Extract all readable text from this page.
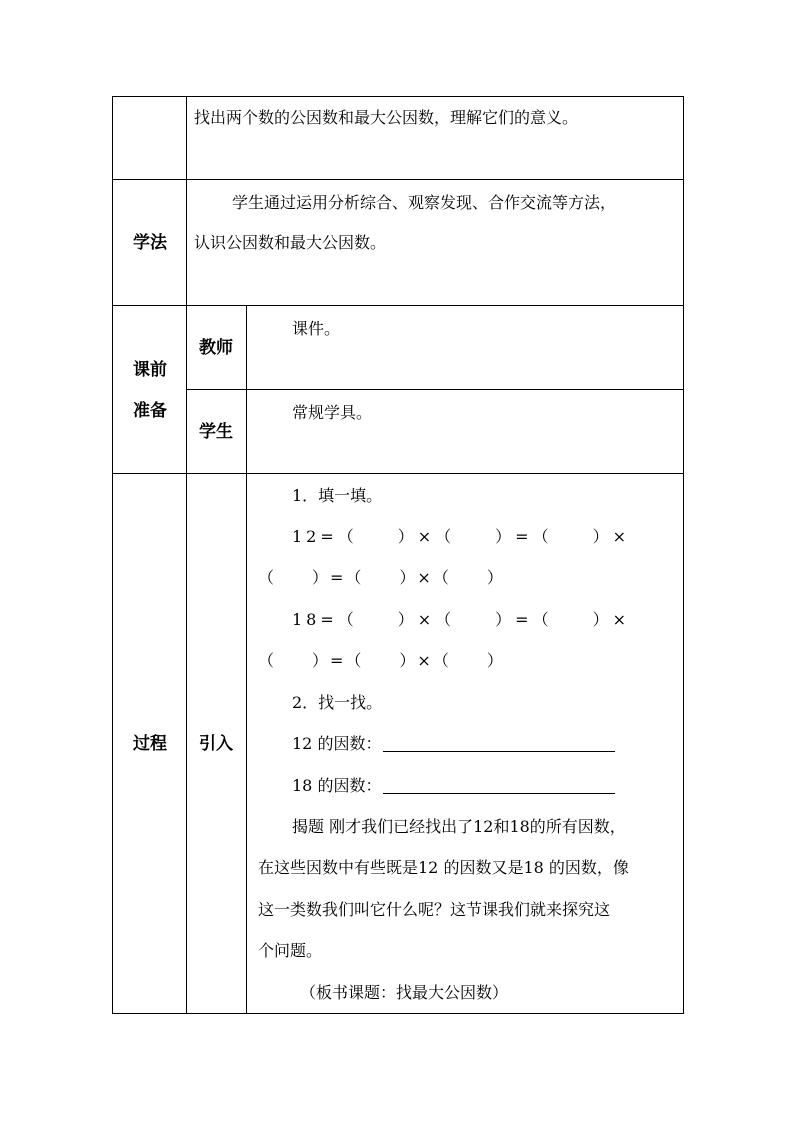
找出两个数的公因数和最大公因数，理解它们的意义。
学法
学生通过运用分析综合、观察发现、合作交流等方法，
认识公因数和最大公因数。
课前
准备
教师
课件。
学生
常规学具。
过程 引入
1．填一填。
12=（　　）×（　　）=（　　）×
（　　）=（　　）×（　　）
18=（　　）×（　　）=（　　）×
（　　）=（　　）×（　　）
2．找一找。
12 的因数：
18 的因数：
揭题 刚才我们已经找出了12和18的所有因数，
在这些因数中有些既是12 的因数又是18 的因数，像
这一类数我们叫它什么呢？这节课我们就来探究这
个问题。
（板书课题：找最大公因数）
